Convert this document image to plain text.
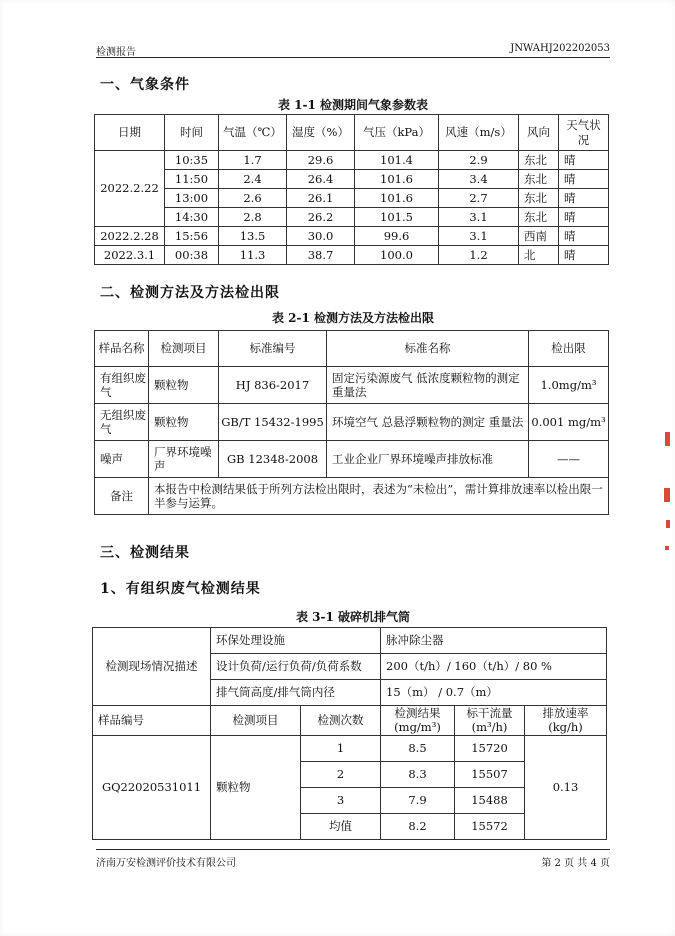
检测报告	JNWAHJ202202053
一、气象条件
表 1-1 检测期间气象参数表
日期	时间	气温（℃）	湿度（%）	气压（kPa）	风速（m/s）	风向	天气状况
2022.2.22	10:35	1.7	29.6	101.4	2.9	东北	晴
	11:50	2.4	26.4	101.6	3.4	东北	晴
	13:00	2.6	26.1	101.6	2.7	东北	晴
	14:30	2.8	26.2	101.5	3.1	东北	晴
2022.2.28	15:56	13.5	30.0	99.6	3.1	西南	晴
2022.3.1	00:38	11.3	38.7	100.0	1.2	北	晴
二、检测方法及方法检出限
表 2-1 检测方法及方法检出限
样品名称	检测项目	标准编号	标准名称	检出限
有组织废气	颗粒物	HJ 836-2017	固定污染源废气 低浓度颗粒物的测定 重量法	1.0mg/m³
无组织废气	颗粒物	GB/T 15432-1995	环境空气 总悬浮颗粒物的测定 重量法	0.001 mg/m³
噪声	厂界环境噪声	GB 12348-2008	工业企业厂界环境噪声排放标准	——
备注	本报告中检测结果低于所列方法检出限时，表述为“未检出”，需计算排放速率以检出限一半参与运算。			
三、检测结果
1、有组织废气检测结果
表 3-1 破碎机排气筒
检测现场情况描述	环保处理设施		脉冲除尘器		
	设计负荷/运行负荷/负荷系数		200（t/h）/ 160（t/h）/ 80 %		
	排气筒高度/排气筒内径		15（m） / 0.7（m）		
样品编号	检测项目	检测次数	检测结果(mg/m³)	标干流量(m³/h)	排放速率(kg/h)
GQ22020531011	颗粒物	1	8.5	15720	0.13
		2	8.3	15507	
		3	7.9	15488	
		均值	8.2	15572	
济南万安检测评价技术有限公司	第 2 页 共 4 页
